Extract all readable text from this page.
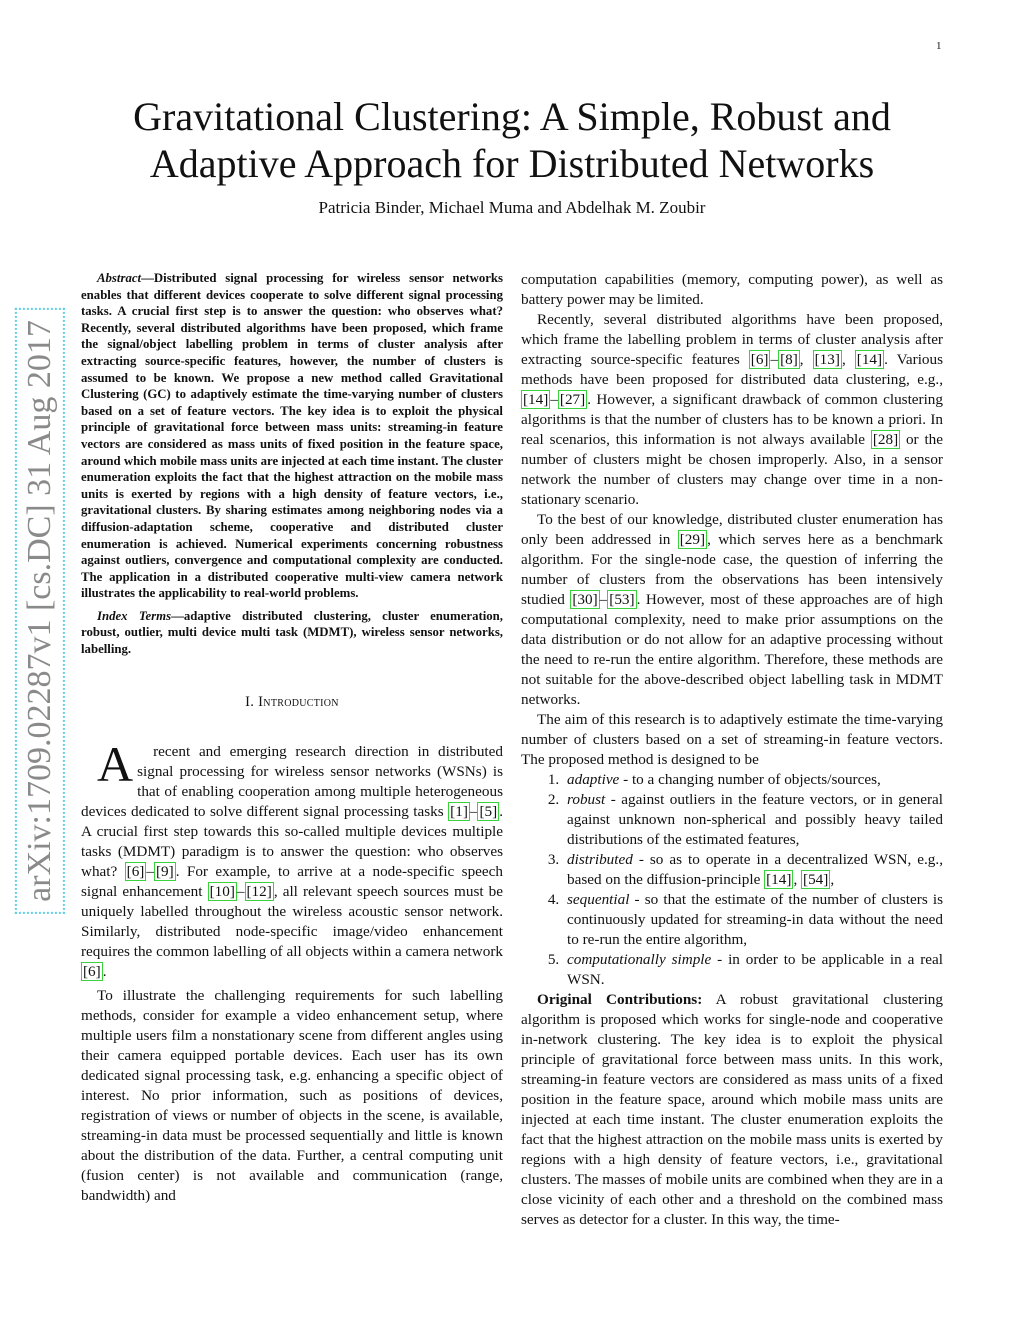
1
arXiv:1709.02287v1 [cs.DC] 31 Aug 2017
Gravitational Clustering: A Simple, Robust and Adaptive Approach for Distributed Networks
Patricia Binder, Michael Muma and Abdelhak M. Zoubir

Abstract—Distributed signal processing for wireless sensor networks enables that different devices cooperate to solve different signal processing tasks. A crucial first step is to answer the question: who observes what? Recently, several distributed algorithms have been proposed, which frame the signal/object labelling problem in terms of cluster analysis after extracting source-specific features, however, the number of clusters is assumed to be known. We propose a new method called Gravitational Clustering (GC) to adaptively estimate the time-varying number of clusters based on a set of feature vectors. The key idea is to exploit the physical principle of gravitational force between mass units: streaming-in feature vectors are considered as mass units of fixed position in the feature space, around which mobile mass units are injected at each time instant. The cluster enumeration exploits the fact that the highest attraction on the mobile mass units is exerted by regions with a high density of feature vectors, i.e., gravitational clusters. By sharing estimates among neighboring nodes via a diffusion-adaptation scheme, cooperative and distributed cluster enumeration is achieved. Numerical experiments concerning robustness against outliers, convergence and computational complexity are conducted. The application in a distributed cooperative multi-view camera network illustrates the applicability to real-world problems.

Index Terms—adaptive distributed clustering, cluster enumeration, robust, outlier, multi device multi task (MDMT), wireless sensor networks, labelling.

I. Introduction

A recent and emerging research direction in distributed signal processing for wireless sensor networks (WSNs) is that of enabling cooperation among multiple heterogeneous devices dedicated to solve different signal processing tasks [1] – [5] . A crucial first step towards this so-called multiple devices multiple tasks (MDMT) paradigm is to answer the question: who observes what? [6] – [9] . For example, to arrive at a node-specific speech signal enhancement [10] – [12] , all relevant speech sources must be uniquely labelled throughout the wireless acoustic sensor network. Similarly, distributed node-specific image/video enhancement requires the common labelling of all objects within a camera network [6] .

To illustrate the challenging requirements for such labelling methods, consider for example a video enhancement setup, where multiple users film a nonstationary scene from different angles using their camera equipped portable devices. Each user has its own dedicated signal processing task, e.g. enhancing a specific object of interest. No prior information, such as positions of devices, registration of views or number of objects in the scene, is available, streaming-in data must be processed sequentially and little is known about the distribution of the data. Further, a central computing unit (fusion center) is not available and communication (range, bandwidth) and

computation capabilities (memory, computing power), as well as battery power may be limited.

Recently, several distributed algorithms have been proposed, which frame the labelling problem in terms of cluster analysis after extracting source-specific features [6] – [8] , [13] , [14] . Various methods have been proposed for distributed data clustering, e.g., [14] – [27] . However, a significant drawback of common clustering algorithms is that the number of clusters has to be known a priori. In real scenarios, this information is not always available [28] or the number of clusters might be chosen improperly. Also, in a sensor network the number of clusters may change over time in a non-stationary scenario.

To the best of our knowledge, distributed cluster enumeration has only been addressed in [29] , which serves here as a benchmark algorithm. For the single-node case, the question of inferring the number of clusters from the observations has been intensively studied [30] – [53] . However, most of these approaches are of high computational complexity, need to make prior assumptions on the data distribution or do not allow for an adaptive processing without the need to re-run the entire algorithm. Therefore, these methods are not suitable for the above-described object labelling task in MDMT networks.

The aim of this research is to adaptively estimate the time-varying number of clusters based on a set of streaming-in feature vectors. The proposed method is designed to be

1. adaptive - to a changing number of objects/sources,
2. robust - against outliers in the feature vectors, or in general against unknown non-spherical and possibly heavy tailed distributions of the estimated features,
3. distributed - so as to operate in a decentralized WSN, e.g., based on the diffusion-principle [14] , [54] ,
4. sequential - so that the estimate of the number of clusters is continuously updated for streaming-in data without the need to re-run the entire algorithm,
5. computationally simple - in order to be applicable in a real WSN.

Original Contributions: A robust gravitational clustering algorithm is proposed which works for single-node and cooperative in-network clustering. The key idea is to exploit the physical principle of gravitational force between mass units. In this work, streaming-in feature vectors are considered as mass units of a fixed position in the feature space, around which mobile mass units are injected at each time instant. The cluster enumeration exploits the fact that the highest attraction on the mobile mass units is exerted by regions with a high density of feature vectors, i.e., gravitational clusters. The masses of mobile units are combined when they are in a close vicinity of each other and a threshold on the combined mass serves as detector for a cluster. In this way, the time-
